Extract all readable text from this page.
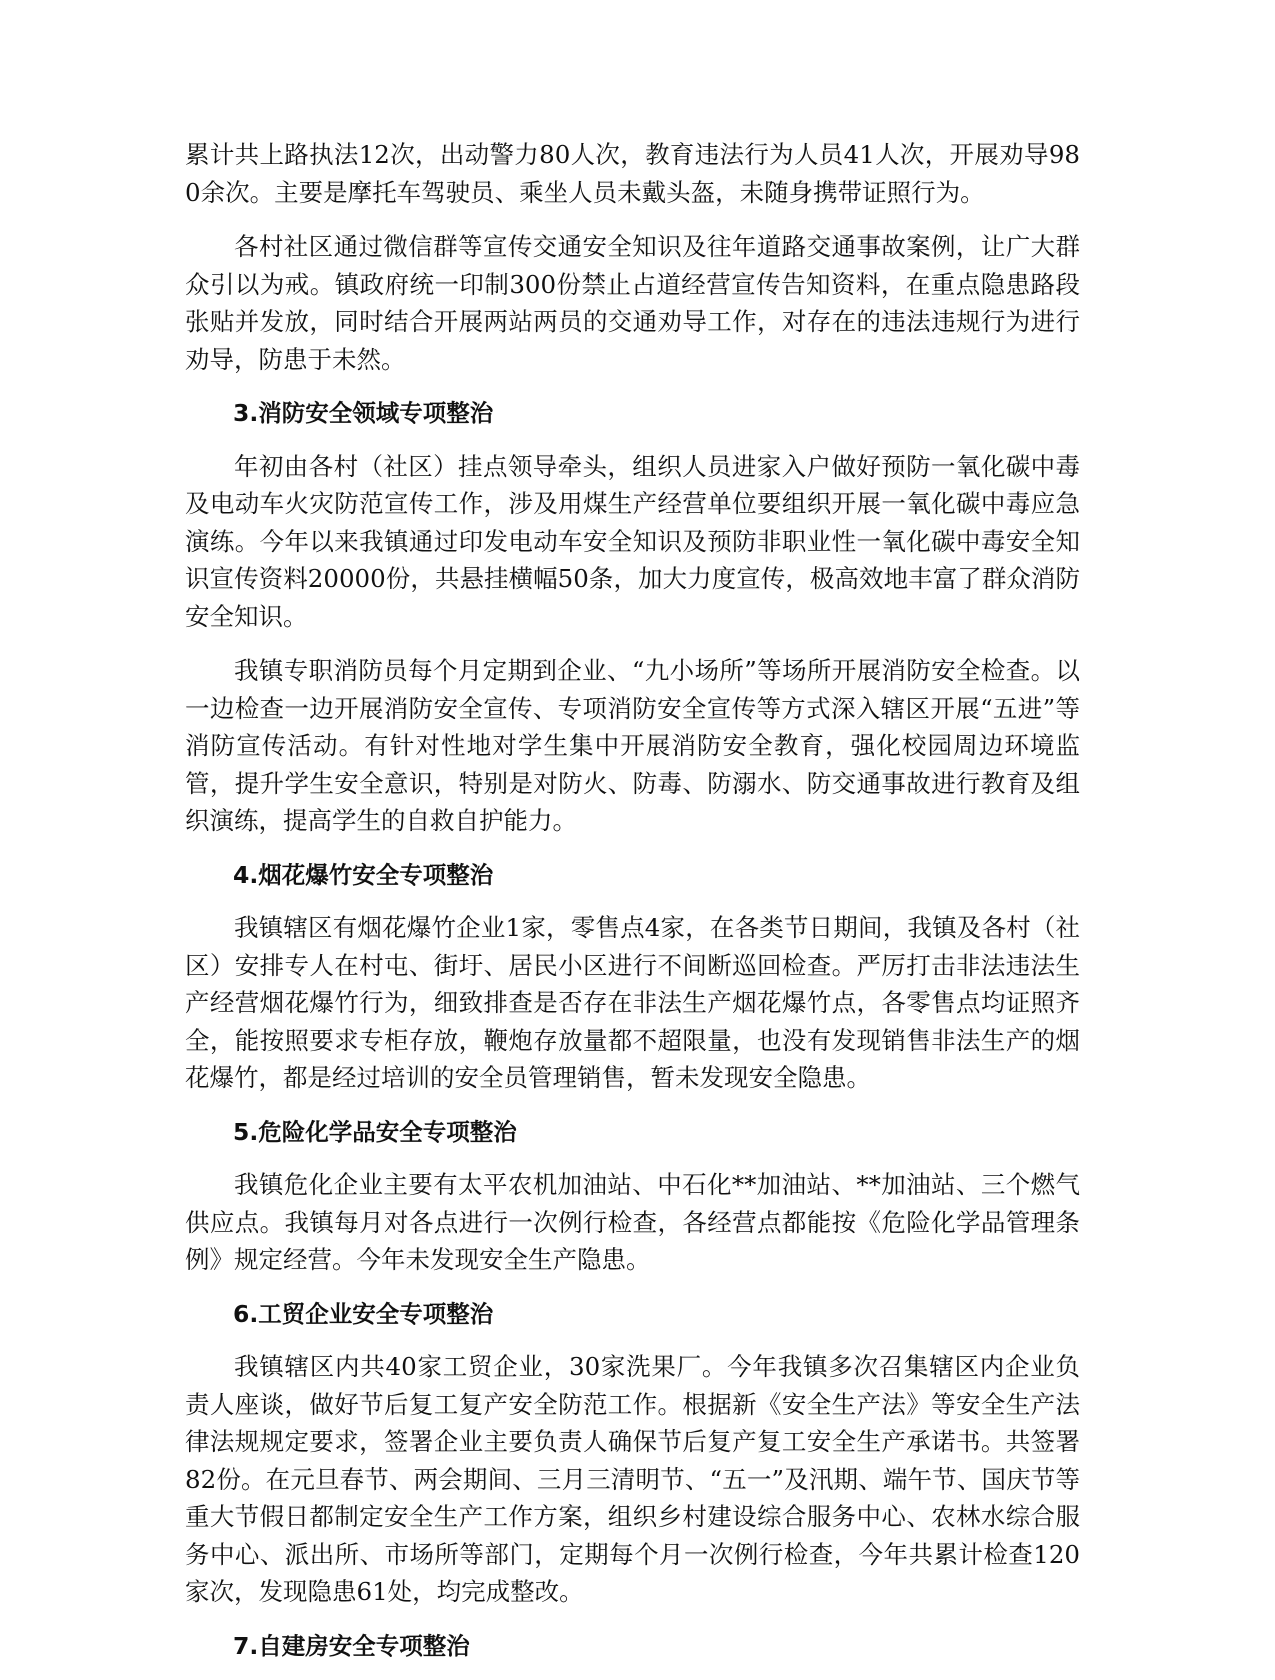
累计共上路执法12次，出动警力80人次，教育违法行为人员41人次，开展劝导980余次。主要是摩托车驾驶员、乘坐人员未戴头盔，未随身携带证照行为。

各村社区通过微信群等宣传交通安全知识及往年道路交通事故案例，让广大群众引以为戒。镇政府统一印制300份禁止占道经营宣传告知资料，在重点隐患路段张贴并发放，同时结合开展两站两员的交通劝导工作，对存在的违法违规行为进行劝导，防患于未然。

3.消防安全领域专项整治

年初由各村（社区）挂点领导牵头，组织人员进家入户做好预防一氧化碳中毒及电动车火灾防范宣传工作，涉及用煤生产经营单位要组织开展一氧化碳中毒应急演练。今年以来我镇通过印发电动车安全知识及预防非职业性一氧化碳中毒安全知识宣传资料20000份，共悬挂横幅50条，加大力度宣传，极高效地丰富了群众消防安全知识。

我镇专职消防员每个月定期到企业、“九小场所”等场所开展消防安全检查。以一边检查一边开展消防安全宣传、专项消防安全宣传等方式深入辖区开展“五进”等消防宣传活动。有针对性地对学生集中开展消防安全教育，强化校园周边环境监管，提升学生安全意识，特别是对防火、防毒、防溺水、防交通事故进行教育及组织演练，提高学生的自救自护能力。

4.烟花爆竹安全专项整治

我镇辖区有烟花爆竹企业1家，零售点4家，在各类节日期间，我镇及各村（社区）安排专人在村屯、街圩、居民小区进行不间断巡回检查。严厉打击非法违法生产经营烟花爆竹行为，细致排查是否存在非法生产烟花爆竹点，各零售点均证照齐全，能按照要求专柜存放，鞭炮存放量都不超限量，也没有发现销售非法生产的烟花爆竹，都是经过培训的安全员管理销售，暂未发现安全隐患。

5.危险化学品安全专项整治

我镇危化企业主要有太平农机加油站、中石化**加油站、**加油站、三个燃气供应点。我镇每月对各点进行一次例行检查，各经营点都能按《危险化学品管理条例》规定经营。今年未发现安全生产隐患。

6.工贸企业安全专项整治

我镇辖区内共40家工贸企业，30家洗果厂。今年我镇多次召集辖区内企业负责人座谈，做好节后复工复产安全防范工作。根据新《安全生产法》等安全生产法律法规规定要求，签署企业主要负责人确保节后复产复工安全生产承诺书。共签署82份。在元旦春节、两会期间、三月三清明节、“五一”及汛期、端午节、国庆节等重大节假日都制定安全生产工作方案，组织乡村建设综合服务中心、农林水综合服务中心、派出所、市场所等部门，定期每个月一次例行检查，今年共累计检查120家次，发现隐患61处，均完成整改。

7.自建房安全专项整治
